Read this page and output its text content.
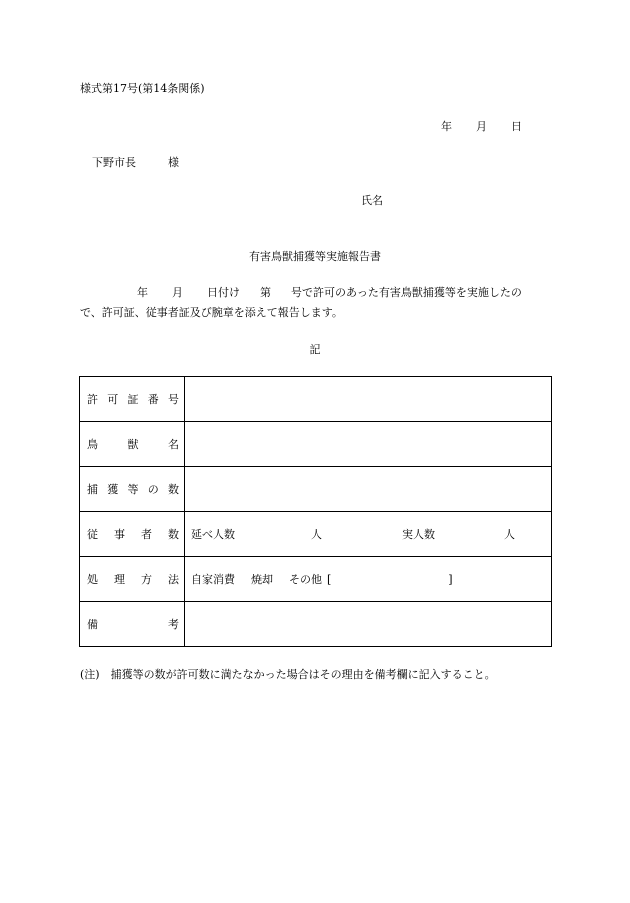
様式第17号(第14条関係)
年 月 日
下野市長	様
氏名
有害鳥獣捕獲等実施報告書
年 月 日付け 第 号で許可のあった有害鳥獣捕獲等を実施したの
で、許可証、従事者証及び腕章を添えて報告します。
記
許 可 証 番 号	

鳥 獣 名	

捕 獲 等 の 数	

従 事 者 数	延べ人数 人 実人数 人

処 理 方 法	自家消費 焼却 その他 [ ]

備 考	

(注)　捕獲等の数が許可数に満たなかった場合はその理由を備考欄に記入すること。
